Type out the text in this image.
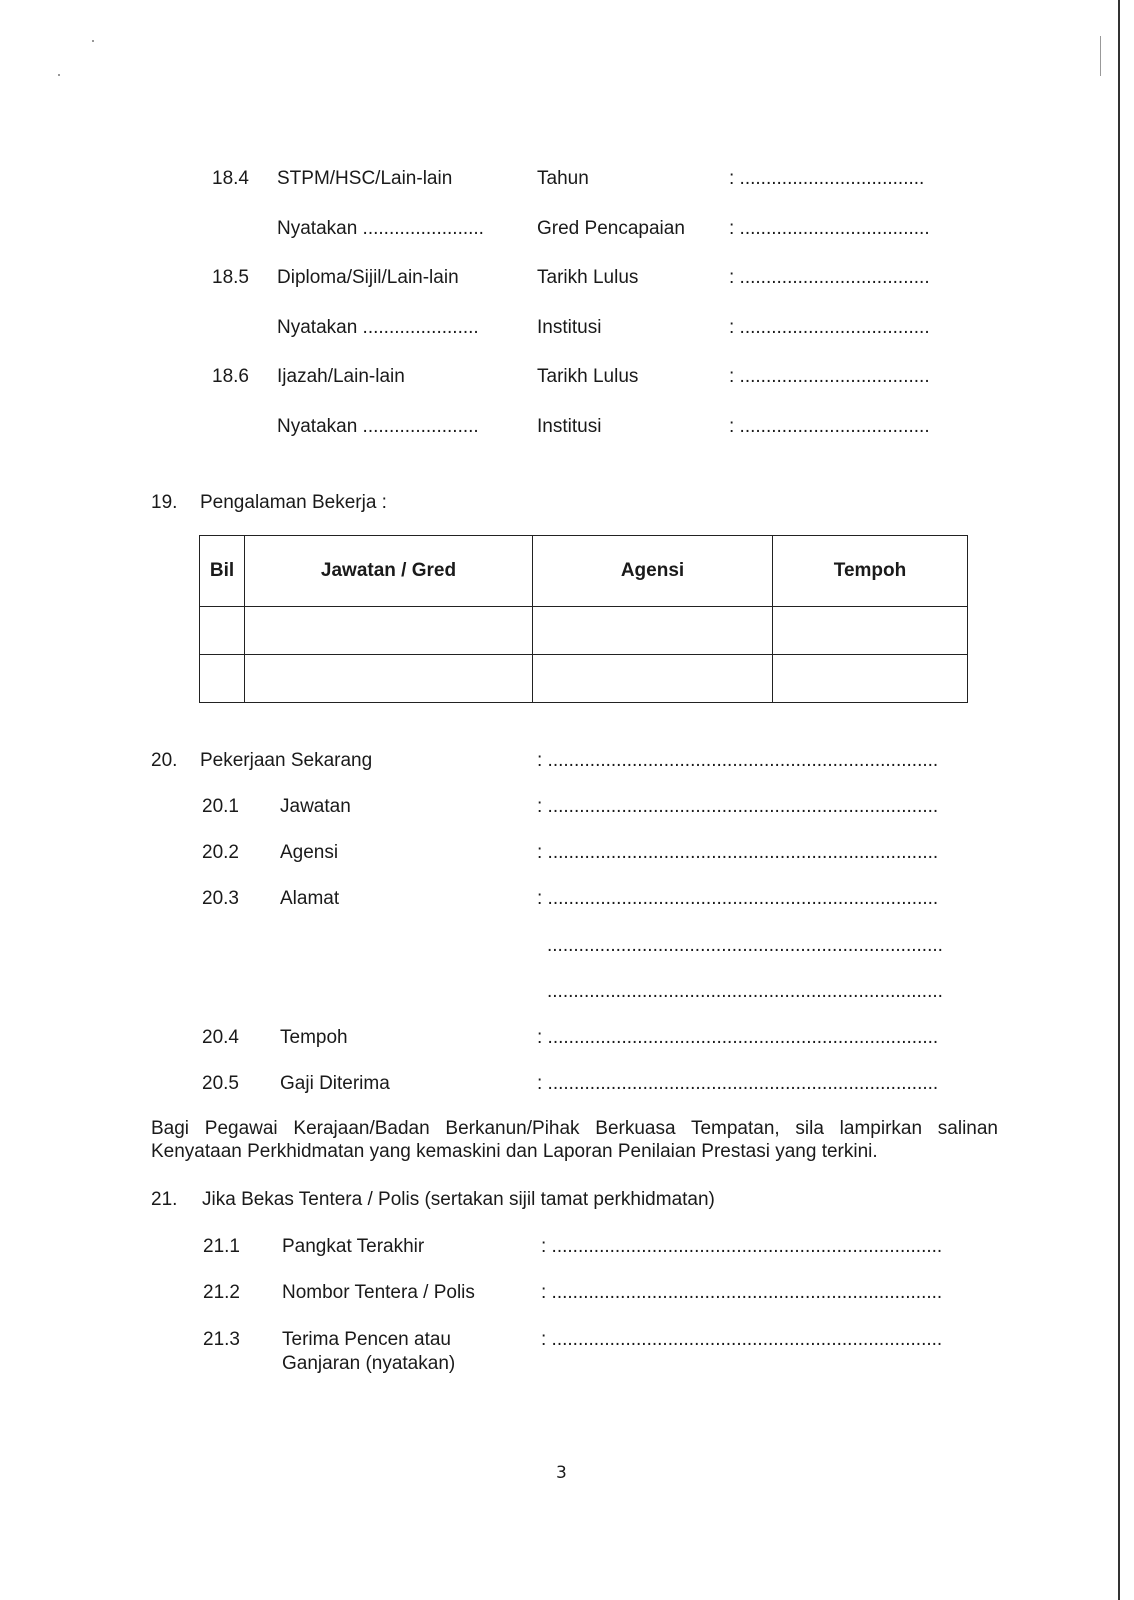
18.4 STPM/HSC/Lain-lain	Tahun	: ...................................
Nyatakan .......................	Gred Pencapaian : ....................................
18.5 Diploma/Sijil/Lain-lain	Tarikh Lulus	: ....................................
Nyatakan ......................	Institusi	: ....................................
18.6 Ijazah/Lain-lain	Tarikh Lulus	: ....................................
Nyatakan ......................	Institusi	: ....................................
19. Pengalaman Bekerja :
Bil	Jawatan / Gred	Agensi	Tempoh

20. Pekerjaan Sekarang	: ..........................................................................
20.1 Jawatan	: ..........................................................................
20.2 Agensi	: ..........................................................................
20.3 Alamat	: ..........................................................................
...........................................................................
...........................................................................
20.4 Tempoh	: ..........................................................................
20.5 Gaji Diterima	: ..........................................................................
Bagi Pegawai Kerajaan/Badan Berkanun/Pihak Berkuasa Tempatan, sila lampirkan salinan Kenyataan Perkhidmatan yang kemaskini dan Laporan Penilaian Prestasi yang terkini.
21. Jika Bekas Tentera / Polis (sertakan sijil tamat perkhidmatan)
21.1 Pangkat Terakhir	: ..........................................................................
21.2 Nombor Tentera / Polis	: ..........................................................................
21.3 Terima Pencen atau
Ganjaran (nyatakan)
: ..........................................................................
3
